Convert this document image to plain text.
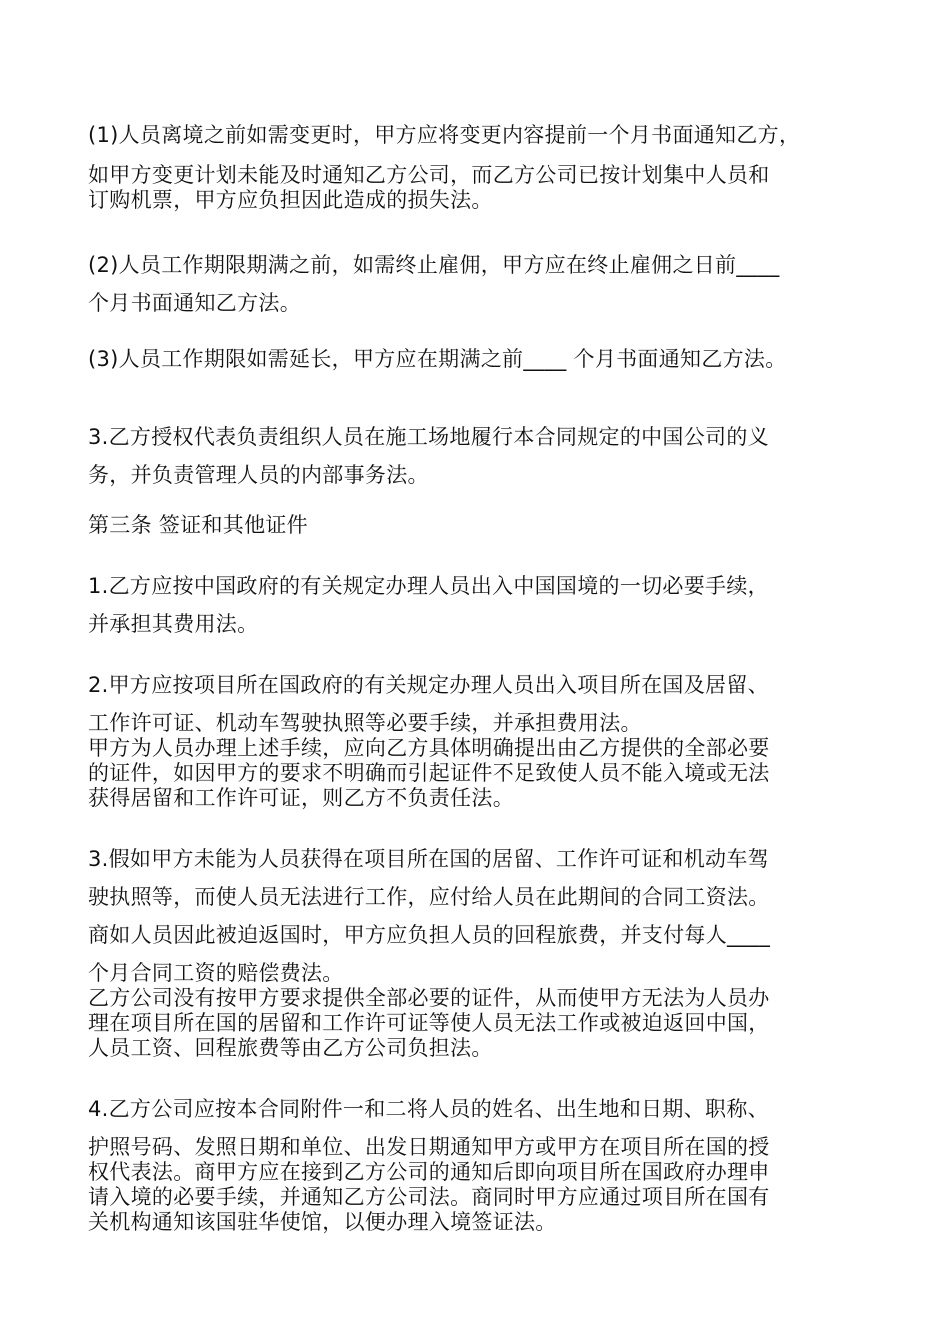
(1)人员离境之前如需变更时，甲方应将变更内容提前一个月书面通知乙方，
如甲方变更计划未能及时通知乙方公司，而乙方公司已按计划集中人员和
订购机票，甲方应负担因此造成的损失法。
(2)人员工作期限期满之前，如需终止雇佣，甲方应在终止雇佣之日前____
个月书面通知乙方法。
(3)人员工作期限如需延长，甲方应在期满之前____ 个月书面通知乙方法。
3.乙方授权代表负责组织人员在施工场地履行本合同规定的中国公司的义
务，并负责管理人员的内部事务法。
第三条 签证和其他证件
1.乙方应按中国政府的有关规定办理人员出入中国国境的一切必要手续，
并承担其费用法。
2.甲方应按项目所在国政府的有关规定办理人员出入项目所在国及居留、
工作许可证、机动车驾驶执照等必要手续，并承担费用法。
甲方为人员办理上述手续，应向乙方具体明确提出由乙方提供的全部必要
的证件，如因甲方的要求不明确而引起证件不足致使人员不能入境或无法
获得居留和工作许可证，则乙方不负责任法。
3.假如甲方未能为人员获得在项目所在国的居留、工作许可证和机动车驾
驶执照等，而使人员无法进行工作，应付给人员在此期间的合同工资法。
商如人员因此被迫返国时，甲方应负担人员的回程旅费，并支付每人____
个月合同工资的赔偿费法。
乙方公司没有按甲方要求提供全部必要的证件，从而使甲方无法为人员办
理在项目所在国的居留和工作许可证等使人员无法工作或被迫返回中国，
人员工资、回程旅费等由乙方公司负担法。
4.乙方公司应按本合同附件一和二将人员的姓名、出生地和日期、职称、
护照号码、发照日期和单位、出发日期通知甲方或甲方在项目所在国的授
权代表法。商甲方应在接到乙方公司的通知后即向项目所在国政府办理申
请入境的必要手续，并通知乙方公司法。商同时甲方应通过项目所在国有
关机构通知该国驻华使馆，以便办理入境签证法。
